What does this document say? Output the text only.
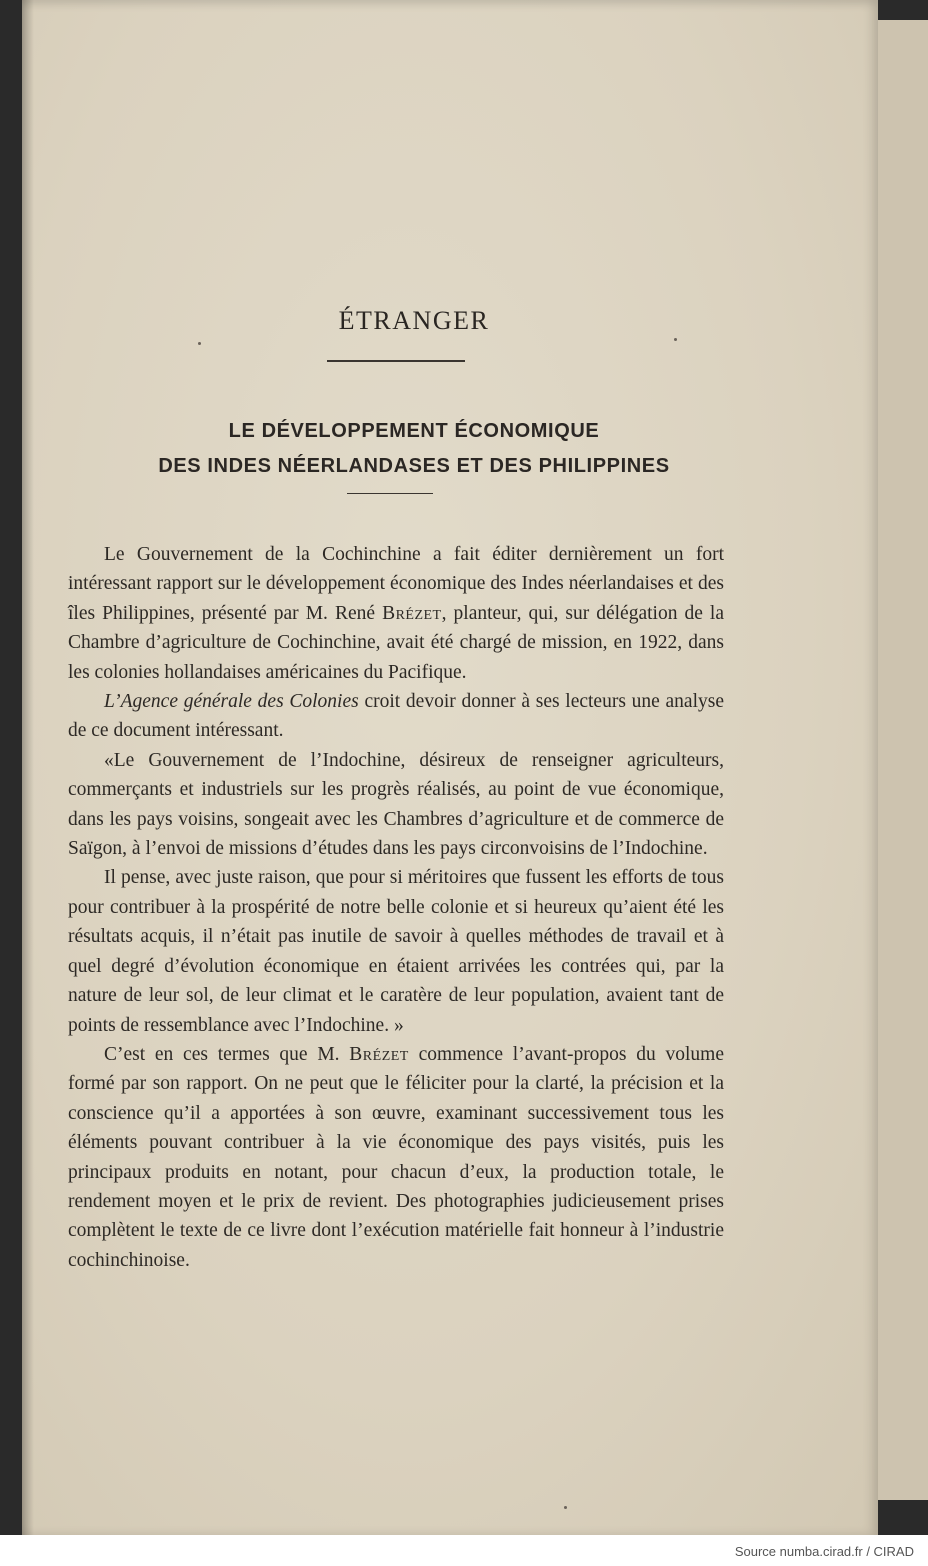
ÉTRANGER
LE DÉVELOPPEMENT ÉCONOMIQUE
DES INDES NÉERLANDASES ET DES PHILIPPINES

Le Gouvernement de la Cochinchine a fait éditer dernièrement un fort intéressant rapport sur le développement économique des Indes néerlandaises et des îles Philippines, présenté par M. René Brézet, planteur, qui, sur délégation de la Chambre d’agriculture de Cochinchine, avait été chargé de mission, en 1922, dans les colonies hollandaises américaines du Pacifique.

L’Agence générale des Colonies croit devoir donner à ses lecteurs une analyse de ce document intéressant.

«Le Gouvernement de l’Indochine, désireux de renseigner agriculteurs, commerçants et industriels sur les progrès réalisés, au point de vue économique, dans les pays voisins, songeait avec les Chambres d’agriculture et de commerce de Saïgon, à l’envoi de missions d’études dans les pays circonvoisins de l’Indochine.

Il pense, avec juste raison, que pour si méritoires que fussent les efforts de tous pour contribuer à la prospérité de notre belle colonie et si heureux qu’aient été les résultats acquis, il n’était pas inutile de savoir à quelles méthodes de travail et à quel degré d’évolution économique en étaient arrivées les contrées qui, par la nature de leur sol, de leur climat et le caratère de leur population, avaient tant de points de ressemblance avec l’Indochine. »

C’est en ces termes que M. Brézet commence l’avant-propos du volume formé par son rapport. On ne peut que le féliciter pour la clarté, la précision et la conscience qu’il a apportées à son œuvre, examinant successivement tous les éléments pouvant contribuer à la vie économique des pays visités, puis les principaux produits en notant, pour chacun d’eux, la production totale, le rendement moyen et le prix de revient. Des photographies judicieusement prises complètent le texte de ce livre dont l’exécution matérielle fait honneur à l’industrie cochinchinoise.

Source numba.cirad.fr / CIRAD
